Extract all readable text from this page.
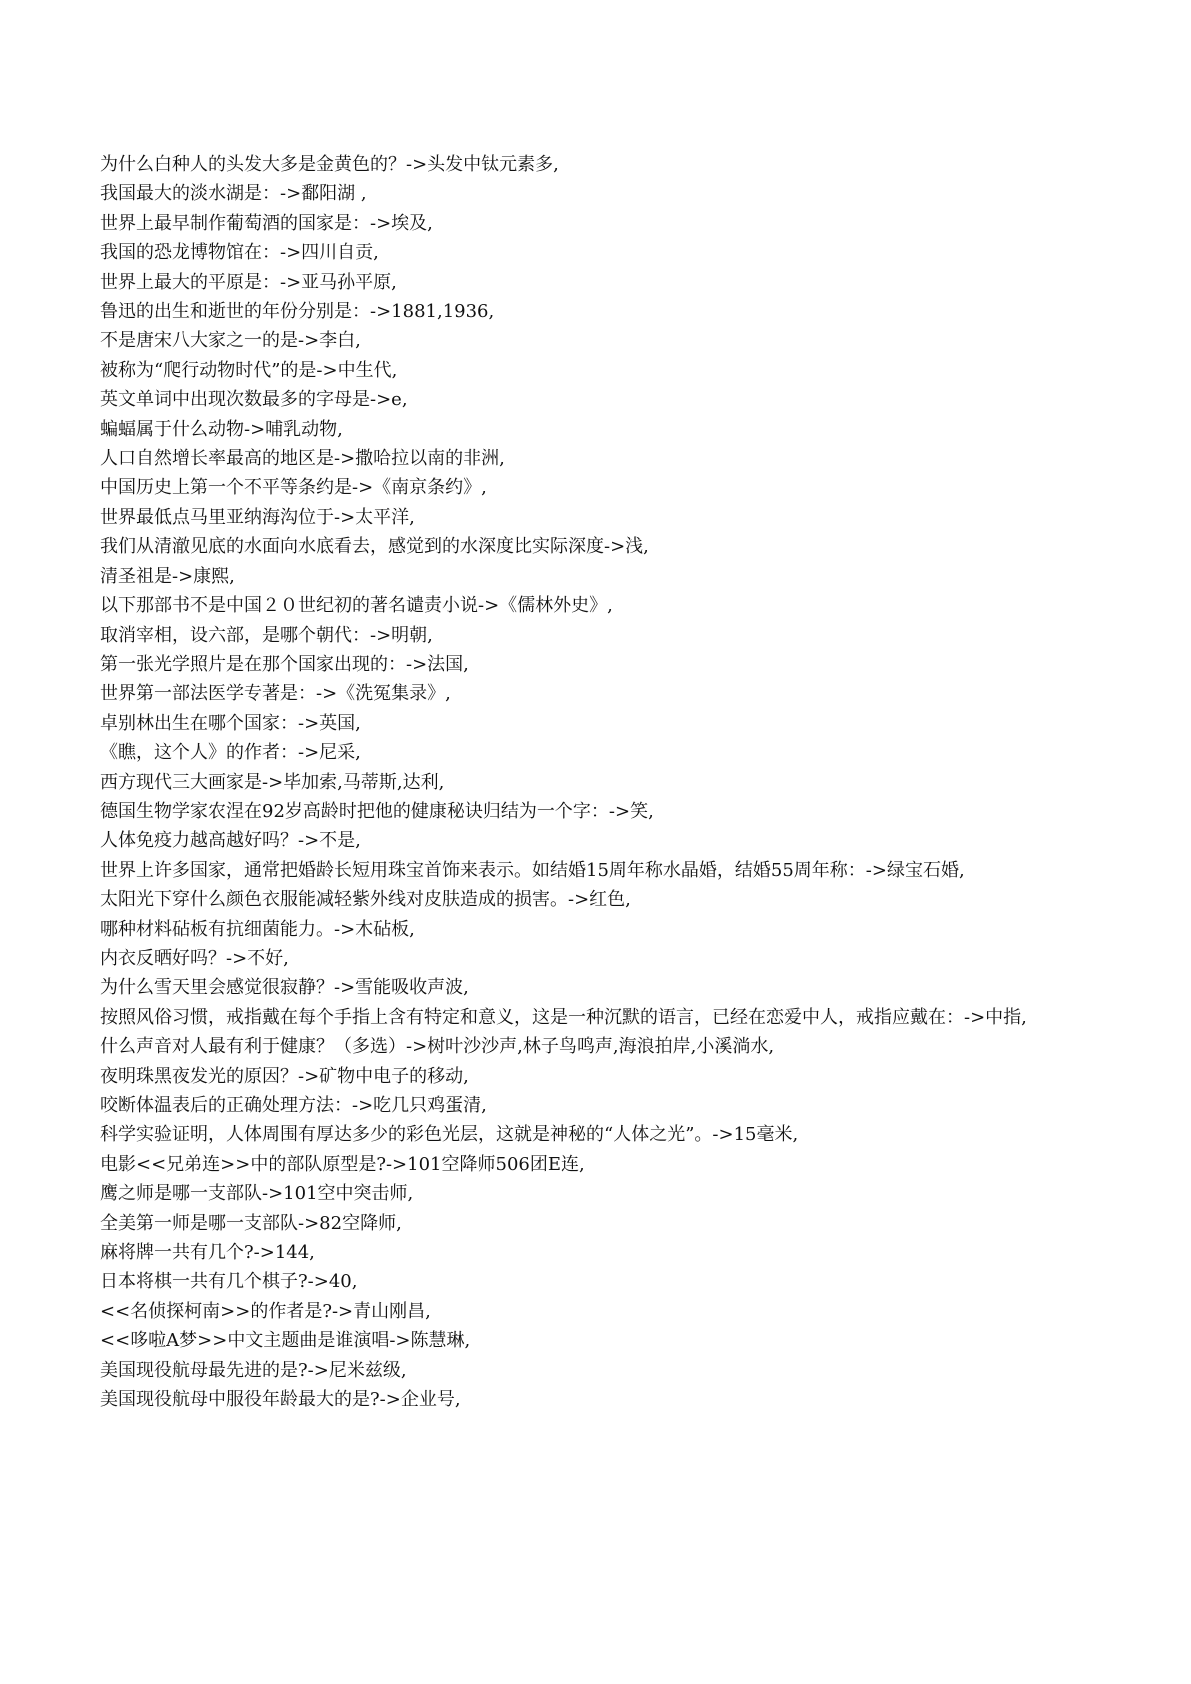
为什么白种人的头发大多是金黄色的？->头发中钛元素多,

我国最大的淡水湖是：->鄱阳湖 ,

世界上最早制作葡萄酒的国家是：->埃及,

我国的恐龙博物馆在：->四川自贡,

世界上最大的平原是：->亚马孙平原,

鲁迅的出生和逝世的年份分别是：->1881,1936,

不是唐宋八大家之一的是->李白,

被称为“爬行动物时代”的是->中生代,

英文单词中出现次数最多的字母是->e,

蝙蝠属于什么动物->哺乳动物,

人口自然增长率最高的地区是->撒哈拉以南的非洲,

中国历史上第一个不平等条约是->《南京条约》,

世界最低点马里亚纳海沟位于->太平洋,

我们从清澈见底的水面向水底看去，感觉到的水深度比实际深度->浅,

清圣祖是->康熙,

以下那部书不是中国２０世纪初的著名谴责小说->《儒林外史》,

取消宰相，设六部，是哪个朝代：->明朝,

第一张光学照片是在那个国家出现的：->法国,

世界第一部法医学专著是：->《洗冤集录》,

卓别林出生在哪个国家：->英国,

《瞧，这个人》的作者：->尼采,

西方现代三大画家是->毕加索,马蒂斯,达利,

德国生物学家农涅在92岁高龄时把他的健康秘诀归结为一个字：->笑,

人体免疫力越高越好吗？->不是,

世界上许多国家，通常把婚龄长短用珠宝首饰来表示。如结婚15周年称水晶婚，结婚55周年称：->绿宝石婚,

太阳光下穿什么颜色衣服能减轻紫外线对皮肤造成的损害。->红色,

哪种材料砧板有抗细菌能力。->木砧板,

内衣反晒好吗？->不好,

为什么雪天里会感觉很寂静？->雪能吸收声波,

按照风俗习惯，戒指戴在每个手指上含有特定和意义，这是一种沉默的语言，已经在恋爱中人，戒指应戴在：->中指,

什么声音对人最有利于健康？（多选）->树叶沙沙声,林子鸟鸣声,海浪拍岸,小溪淌水,

夜明珠黑夜发光的原因？->矿物中电子的移动,

咬断体温表后的正确处理方法：->吃几只鸡蛋清,

科学实验证明，人体周围有厚达多少的彩色光层，这就是神秘的“人体之光”。->15毫米,

电影<<兄弟连>>中的部队原型是?->101空降师506团E连,

鹰之师是哪一支部队->101空中突击师,

全美第一师是哪一支部队->82空降师,

麻将牌一共有几个?->144,

日本将棋一共有几个棋子?->40,

<<名侦探柯南>>的作者是?->青山刚昌,

<<哆啦A梦>>中文主题曲是谁演唱->陈慧琳,

美国现役航母最先进的是?->尼米兹级,

美国现役航母中服役年龄最大的是?->企业号,
